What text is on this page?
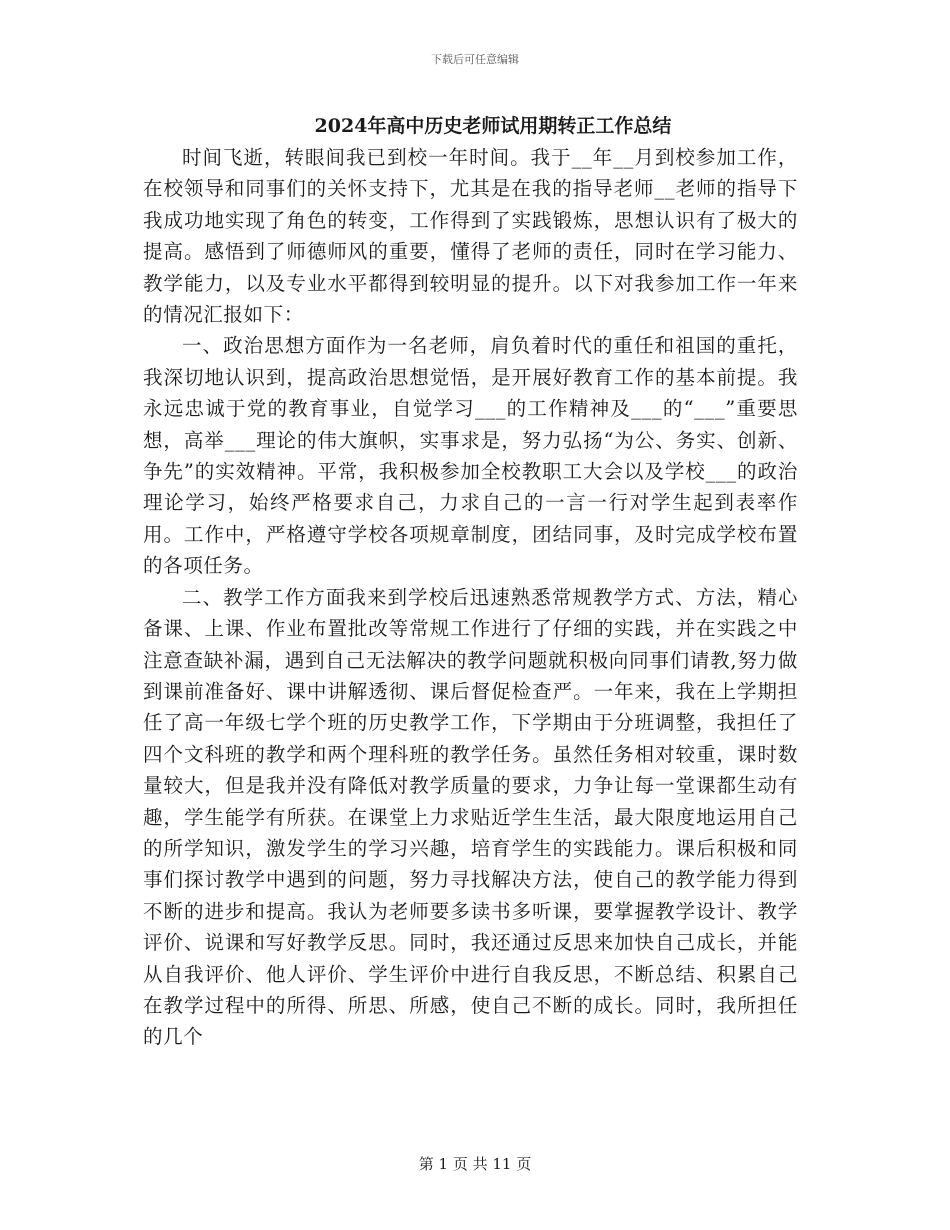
下载后可任意编辑
2024年高中历史老师试用期转正工作总结

时间飞逝，转眼间我已到校一年时间。我于__年__月到校参加工作，在校领导和同事们的关怀支持下，尤其是在我的指导老师__老师的指导下我成功地实现了角色的转变，工作得到了实践锻炼，思想认识有了极大的提高。感悟到了师德师风的重要，懂得了老师的责任，同时在学习能力、教学能力，以及专业水平都得到较明显的提升。以下对我参加工作一年来的情况汇报如下：

一、政治思想方面作为一名老师，肩负着时代的重任和祖国的重托，我深切地认识到，提高政治思想觉悟，是开展好教育工作的基本前提。我永远忠诚于党的教育事业，自觉学习___的工作精神及___的“___”重要思想，高举___理论的伟大旗帜，实事求是，努力弘扬“为公、务实、创新、争先”的实效精神。平常，我积极参加全校教职工大会以及学校___的政治理论学习，始终严格要求自己，力求自己的一言一行对学生起到表率作用。工作中，严格遵守学校各项规章制度，团结同事，及时完成学校布置的各项任务。

二、教学工作方面我来到学校后迅速熟悉常规教学方式、方法，精心备课、上课、作业布置批改等常规工作进行了仔细的实践，并在实践之中注意查缺补漏，遇到自己无法解决的教学问题就积极向同事们请教,努力做到课前准备好、课中讲解透彻、课后督促检查严。一年来，我在上学期担任了高一年级七学个班的历史教学工作，下学期由于分班调整，我担任了四个文科班的教学和两个理科班的教学任务。虽然任务相对较重，课时数量较大，但是我并没有降低对教学质量的要求，力争让每一堂课都生动有趣，学生能学有所获。在课堂上力求贴近学生生活，最大限度地运用自己的所学知识，激发学生的学习兴趣，培育学生的实践能力。课后积极和同事们探讨教学中遇到的问题，努力寻找解决方法，使自己的教学能力得到不断的进步和提高。我认为老师要多读书多听课，要掌握教学设计、教学评价、说课和写好教学反思。同时，我还通过反思来加快自己成长，并能从自我评价、他人评价、学生评价中进行自我反思，不断总结、积累自己在教学过程中的所得、所思、所感，使自己不断的成长。同时，我所担任的几个

第 1 页 共 11 页
